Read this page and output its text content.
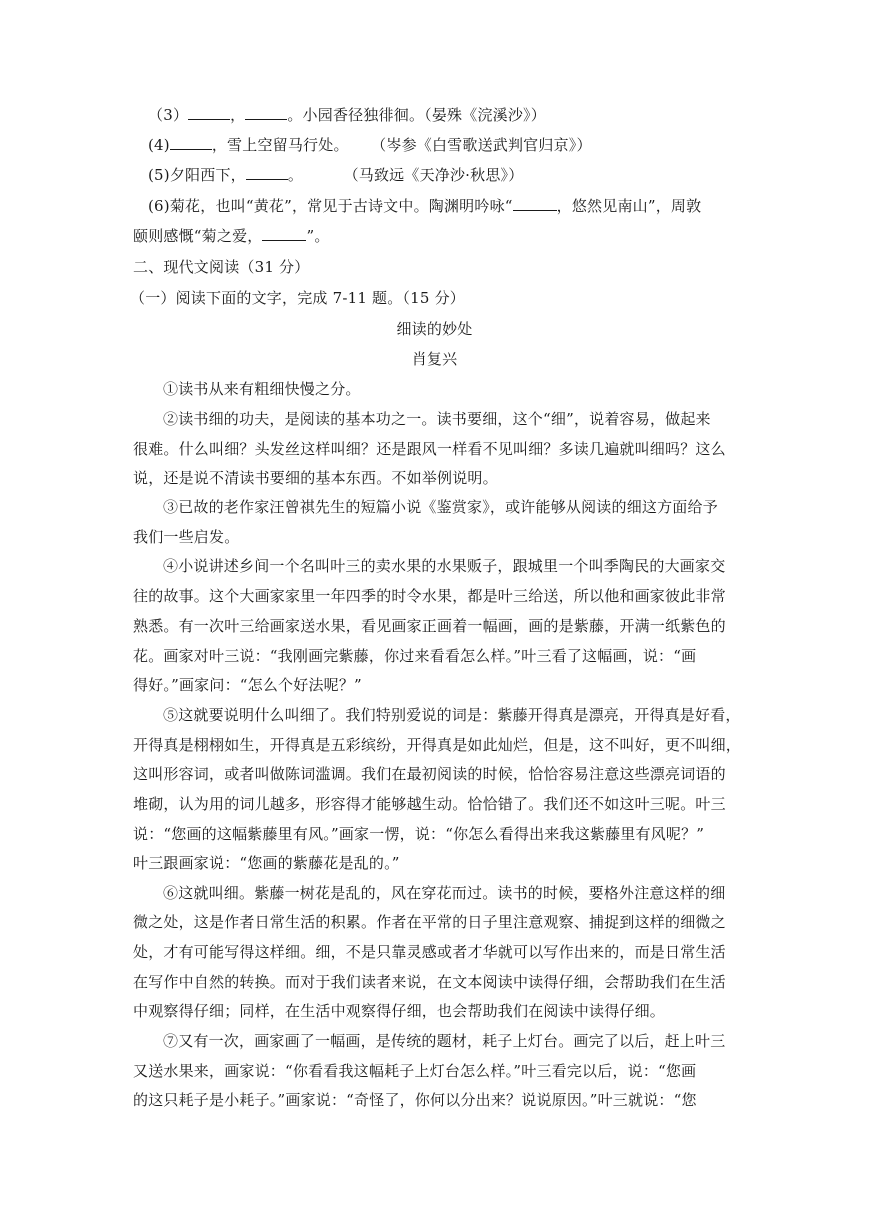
（3）	，	。小园香径独徘徊。（晏殊《浣溪沙》）
(4)	，雪上空留马行处。 （岑参《白雪歌送武判官归京》）
(5)夕阳西下，	。	（马致远《天净沙·秋思》）
(6)菊花，也叫“黄花”，常见于古诗文中。陶渊明吟咏“	，悠然见南山”，周敦
颐则感慨“菊之爱，	”。
二、现代文阅读（31 分）
（一）阅读下面的文字，完成 7-11 题。（15 分）
细读的妙处
肖复兴
①读书从来有粗细快慢之分。
②读书细的功夫，是阅读的基本功之一。读书要细，这个“细”，说着容易，做起来
很难。什么叫细？头发丝这样叫细？还是跟风一样看不见叫细？多读几遍就叫细吗？这么
说，还是说不清读书要细的基本东西。不如举例说明。
③已故的老作家汪曾祺先生的短篇小说《鉴赏家》，或许能够从阅读的细这方面给予
我们一些启发。
④小说讲述乡间一个名叫叶三的卖水果的水果贩子，跟城里一个叫季陶民的大画家交
往的故事。这个大画家家里一年四季的时令水果，都是叶三给送，所以他和画家彼此非常
熟悉。有一次叶三给画家送水果，看见画家正画着一幅画，画的是紫藤，开满一纸紫色的
花。画家对叶三说：“我刚画完紫藤，你过来看看怎么样。”叶三看了这幅画，说：“画
得好。”画家问：“怎么个好法呢？”
⑤这就要说明什么叫细了。我们特别爱说的词是：紫藤开得真是漂亮，开得真是好看，
开得真是栩栩如生，开得真是五彩缤纷，开得真是如此灿烂，但是，这不叫好，更不叫细，
这叫形容词，或者叫做陈词滥调。我们在最初阅读的时候，恰恰容易注意这些漂亮词语的
堆砌，认为用的词儿越多，形容得才能够越生动。恰恰错了。我们还不如这叶三呢。叶三
说：“您画的这幅紫藤里有风。”画家一愣，说：“你怎么看得出来我这紫藤里有风呢？”
叶三跟画家说：“您画的紫藤花是乱的。”
⑥这就叫细。紫藤一树花是乱的，风在穿花而过。读书的时候，要格外注意这样的细
微之处，这是作者日常生活的积累。作者在平常的日子里注意观察、捕捉到这样的细微之
处，才有可能写得这样细。细，不是只靠灵感或者才华就可以写作出来的，而是日常生活
在写作中自然的转换。而对于我们读者来说，在文本阅读中读得仔细，会帮助我们在生活
中观察得仔细；同样，在生活中观察得仔细，也会帮助我们在阅读中读得仔细。
⑦又有一次，画家画了一幅画，是传统的题材，耗子上灯台。画完了以后，赶上叶三
又送水果来，画家说：“你看看我这幅耗子上灯台怎么样。”叶三看完以后，说：“您画
的这只耗子是小耗子。”画家说：“奇怪了，你何以分出来？说说原因。”叶三就说：“您
